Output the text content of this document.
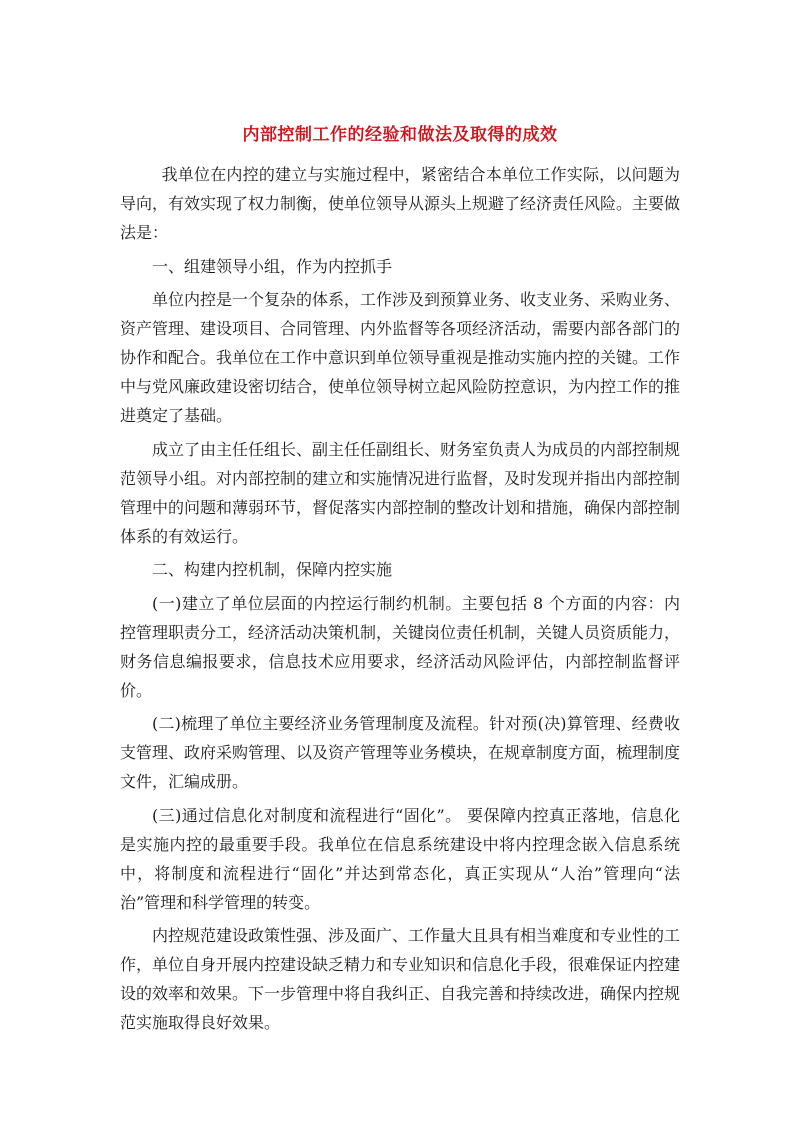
内部控制工作的经验和做法及取得的成效

我单位在内控的建立与实施过程中，紧密结合本单位工作实际，以问题为导向，有效实现了权力制衡，使单位领导从源头上规避了经济责任风险。主要做法是：

一、组建领导小组，作为内控抓手

单位内控是一个复杂的体系，工作涉及到预算业务、收支业务、采购业务、资产管理、建设项目、合同管理、内外监督等各项经济活动，需要内部各部门的协作和配合。我单位在工作中意识到单位领导重视是推动实施内控的关键。工作中与党风廉政建设密切结合，使单位领导树立起风险防控意识，为内控工作的推进奠定了基础。

成立了由主任任组长、副主任任副组长、财务室负责人为成员的内部控制规范领导小组。对内部控制的建立和实施情况进行监督，及时发现并指出内部控制管理中的问题和薄弱环节，督促落实内部控制的整改计划和措施，确保内部控制体系的有效运行。

二、构建内控机制，保障内控实施

(一)建立了单位层面的内控运行制约机制。主要包括 8 个方面的内容：内控管理职责分工，经济活动决策机制，关键岗位责任机制，关键人员资质能力，财务信息编报要求，信息技术应用要求，经济活动风险评估，内部控制监督评价。

(二)梳理了单位主要经济业务管理制度及流程。针对预(决)算管理、经费收支管理、政府采购管理、以及资产管理等业务模块，在规章制度方面，梳理制度文件，汇编成册。

(三)通过信息化对制度和流程进行“固化”。 要保障内控真正落地，信息化是实施内控的最重要手段。我单位在信息系统建设中将内控理念嵌入信息系统中，将制度和流程进行“固化”并达到常态化，真正实现从“人治”管理向“法治”管理和科学管理的转变。

内控规范建设政策性强、涉及面广、工作量大且具有相当难度和专业性的工作，单位自身开展内控建设缺乏精力和专业知识和信息化手段，很难保证内控建设的效率和效果。下一步管理中将自我纠正、自我完善和持续改进，确保内控规范实施取得良好效果。
